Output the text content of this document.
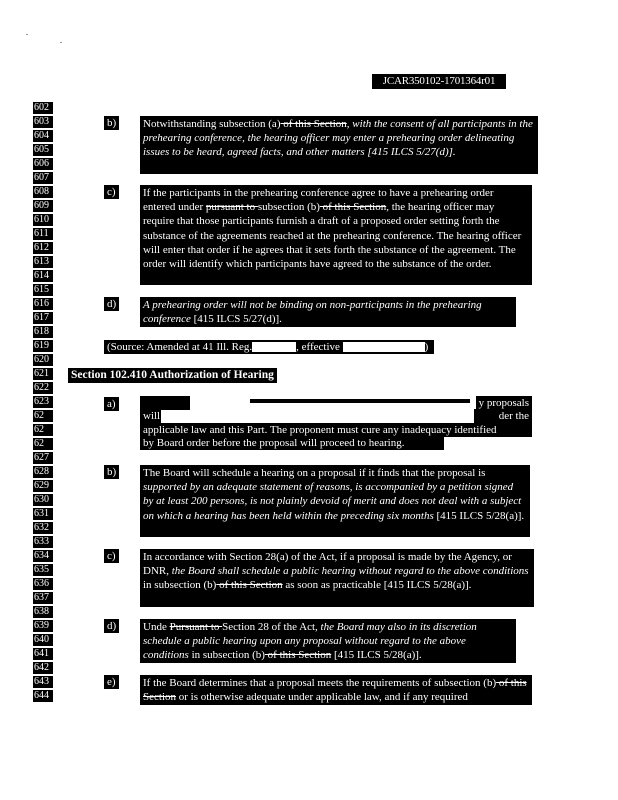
JCAR350102-1701364r01
602
603
604
605
606
607
608
609
610
611
612
613
614
615
616
617
618
619
620
621
622
623
62
62
62
627
628
629
630
631
632
633
634
635
636
637
638
639
640
641
642
643
644
b) Notwithstanding subsection (a) of this Section, with the consent of all participants in the prehearing conference, the hearing officer may enter a prehearing order delineating issues to be heard, agreed facts, and other matters [415 ILCS 5/27(d)].
c) If the participants in the prehearing conference agree to have a prehearing order entered under pursuant to subsection (b) of this Section, the hearing officer may require that those participants furnish a draft of a proposed order setting forth the substance of the agreements reached at the prehearing conference. The hearing officer will enter that order if he agrees that it sets forth the substance of the agreement. The order will identify which participants have agreed to the substance of the order.
d) A prehearing order will not be binding on non-participants in the prehearing conference [415 ILCS 5/27(d)].
(Source: Amended at 41 Ill. Reg.	, effective	)
Section 102.410 Authorization of Hearing
a)	y proposals
will	der the
applicable law and this Part. The proponent must cure any inadequacy identified
by Board order before the proposal will proceed to hearing.
b) The Board will schedule a hearing on a proposal if it finds that the proposal is supported by an adequate statement of reasons, is accompanied by a petition signed by at least 200 persons, is not plainly devoid of merit and does not deal with a subject on which a hearing has been held within the preceding six months [415 ILCS 5/28(a)].
c) In accordance with Section 28(a) of the Act, if a proposal is made by the Agency, or DNR, the Board shall schedule a public hearing without regard to the above conditions in subsection (b) of this Section as soon as practicable [415 ILCS 5/28(a)].
d) Unde Pursuant to Section 28 of the Act, the Board may also in its discretion schedule a public hearing upon any proposal without regard to the above conditions in subsection (b) of this Section [415 ILCS 5/28(a)].
e) If the Board determines that a proposal meets the requirements of subsection (b) of this Section or is otherwise adequate under applicable law, and if any required
